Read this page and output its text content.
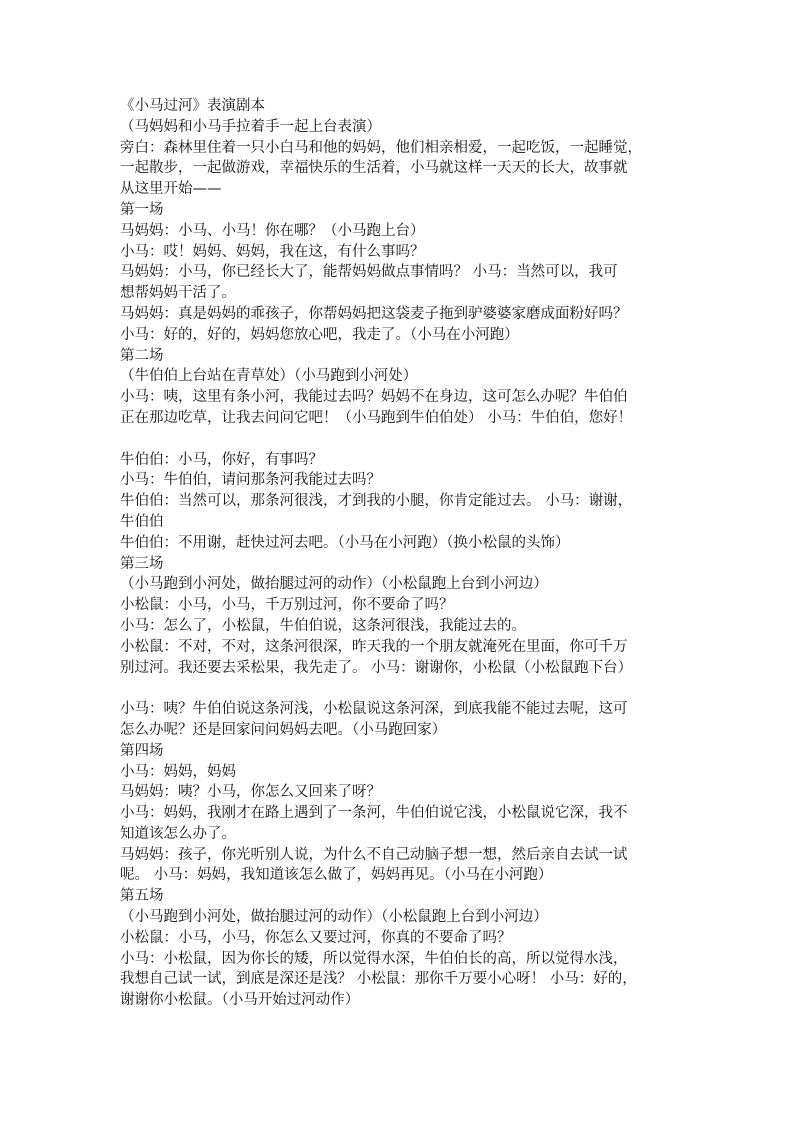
《小马过河》表演剧本
（马妈妈和小马手拉着手一起上台表演）
旁白：森林里住着一只小白马和他的妈妈，他们相亲相爱，一起吃饭，一起睡觉，
一起散步，一起做游戏，幸福快乐的生活着，小马就这样一天天的长大，故事就
从这里开始——
第一场
马妈妈：小马、小马！你在哪？（小马跑上台）
小马：哎！妈妈、妈妈，我在这，有什么事吗？
马妈妈：小马，你已经长大了，能帮妈妈做点事情吗？ 小马：当然可以，我可
想帮妈妈干活了。
马妈妈：真是妈妈的乖孩子，你帮妈妈把这袋麦子拖到驴婆婆家磨成面粉好吗？
小马：好的，好的，妈妈您放心吧，我走了。（小马在小河跑）
第二场
（牛伯伯上台站在青草处）（小马跑到小河处）
小马：咦，这里有条小河，我能过去吗？妈妈不在身边，这可怎么办呢？牛伯伯
正在那边吃草，让我去问问它吧！（小马跑到牛伯伯处） 小马：牛伯伯，您好！
牛伯伯：小马，你好，有事吗？
小马：牛伯伯，请问那条河我能过去吗？
牛伯伯：当然可以，那条河很浅，才到我的小腿，你肯定能过去。 小马：谢谢，
牛伯伯
牛伯伯：不用谢，赶快过河去吧。（小马在小河跑）（换小松鼠的头饰）
第三场
（小马跑到小河处，做抬腿过河的动作）（小松鼠跑上台到小河边）
小松鼠：小马，小马，千万别过河，你不要命了吗？
小马：怎么了，小松鼠，牛伯伯说，这条河很浅，我能过去的。
小松鼠：不对，不对，这条河很深，昨天我的一个朋友就淹死在里面，你可千万
别过河。我还要去采松果，我先走了。 小马：谢谢你，小松鼠（小松鼠跑下台）
小马：咦？牛伯伯说这条河浅，小松鼠说这条河深，到底我能不能过去呢，这可
怎么办呢？还是回家问问妈妈去吧。（小马跑回家）
第四场
小马：妈妈，妈妈
马妈妈：咦？小马，你怎么又回来了呀？
小马：妈妈，我刚才在路上遇到了一条河，牛伯伯说它浅，小松鼠说它深，我不
知道该怎么办了。
马妈妈：孩子，你光听别人说，为什么不自己动脑子想一想，然后亲自去试一试
呢。 小马：妈妈，我知道该怎么做了，妈妈再见。（小马在小河跑）
第五场
（小马跑到小河处，做抬腿过河的动作）（小松鼠跑上台到小河边）
小松鼠：小马，小马，你怎么又要过河，你真的不要命了吗？
小马：小松鼠，因为你长的矮，所以觉得水深，牛伯伯长的高，所以觉得水浅，
我想自己试一试，到底是深还是浅？ 小松鼠：那你千万要小心呀！ 小马：好的，
谢谢你小松鼠。（小马开始过河动作）
